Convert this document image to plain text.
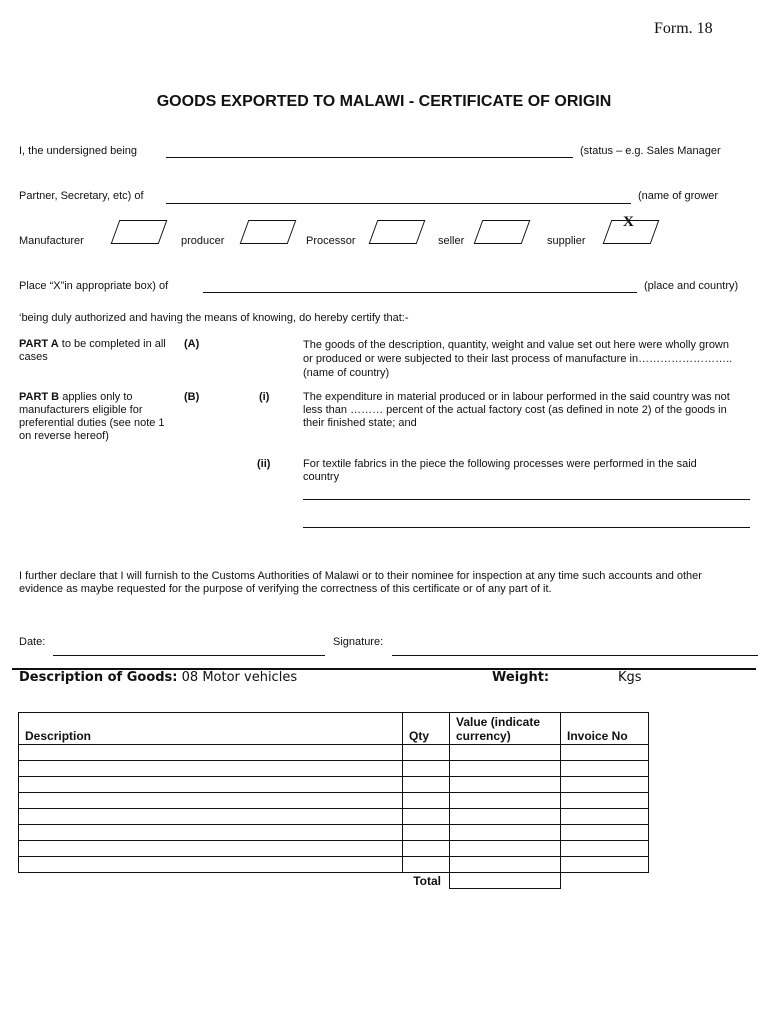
Form. 18
GOODS EXPORTED TO MALAWI - CERTIFICATE OF ORIGIN
I, the undersigned being	(status – e.g. Sales Manager
Partner, Secretary, etc) of	(name of grower
Manufacturer	producer	Processor	seller	supplier
X
Place “X”in appropriate box) of	(place and country)
‘being duly authorized and having the means of knowing, do hereby certify that:-
PART A to be completed in all cases
(A)	The goods of the description, quantity, weight and value set out here were wholly grown or produced or were subjected to their last process of manufacture in……………………..(name of country)
PART B applies only to manufacturers eligible for preferential duties (see note 1 on reverse hereof)
(B)	(i)	The expenditure in material produced or in labour performed in the said country was not less than ……… percent of the actual factory cost (as defined in note 2) of the goods in their finished state; and
(ii)	For textile fabrics in the piece the following processes were performed in the said country
I further declare that I will furnish to the Customs Authorities of Malawi or to their nominee for inspection at any time such accounts and other evidence as maybe requested for the purpose of verifying the correctness of this certificate or of any part of it.
Date:	Signature:
Description of Goods: 08 Motor vehicles	Weight:	Kgs
Description	Qty	Value (indicate currency)	Invoice No

Total			
